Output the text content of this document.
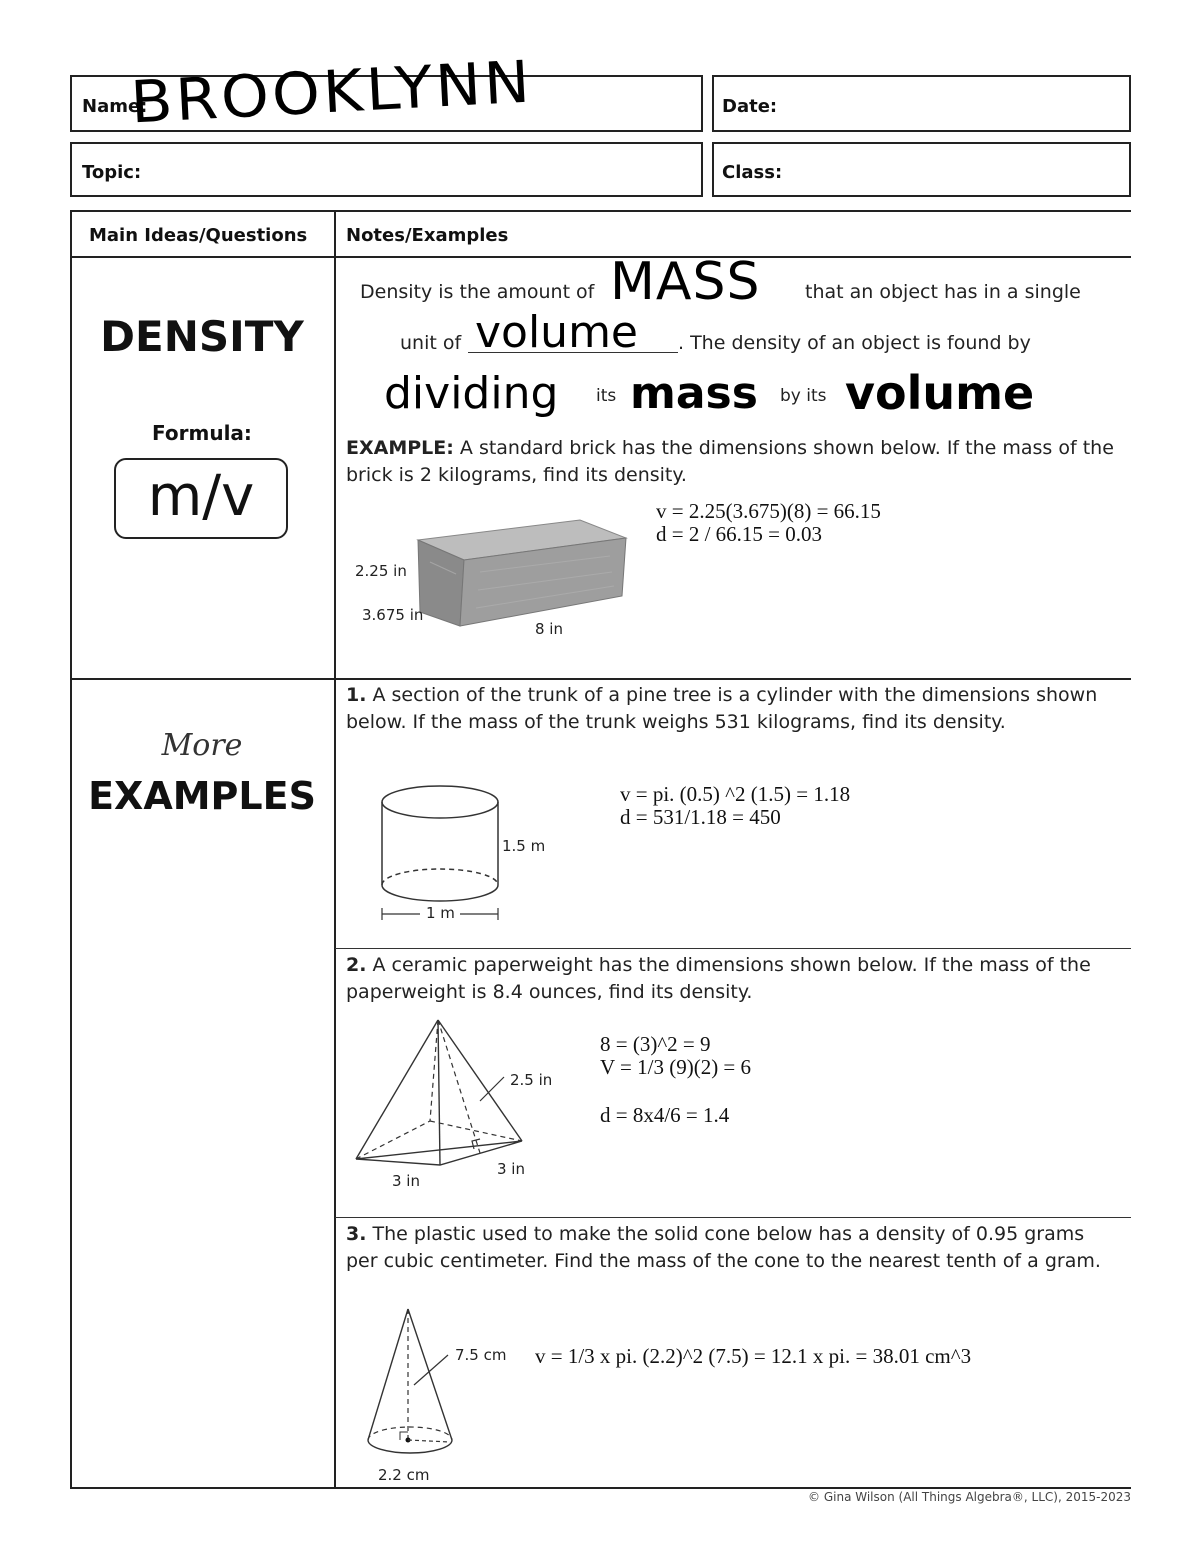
Name:
BROOKLYNN	Date:
Topic:	Class:
Main Ideas/Questions Notes/Examples
DENSITY
Formula:
m/v
Density is the amount of MASS that an object has in a single
unit of volume . The density of an object is found by
dividing its mass by its volume
EXAMPLE: A standard brick has the dimensions shown below. If the mass of the brick is 2 kilograms, find its density.
2.25 in
3.675 in
8 in
v = 2.25(3.675)(8) = 66.15
d = 2 / 66.15 = 0.03
More
EXAMPLES
1. A section of the trunk of a pine tree is a cylinder with the dimensions shown below. If the mass of the trunk weighs 531 kilograms, find its density.
1.5 m
1 m
v = pi. (0.5) ^2 (1.5) = 1.18
d = 531/1.18 = 450
2. A ceramic paperweight has the dimensions shown below. If the mass of the paperweight is 8.4 ounces, find its density.
2.5 in
3 in
3 in
8 = (3)^2 = 9
V = 1/3 (9)(2) = 6
d = 8x4/6 = 1.4
3. The plastic used to make the solid cone below has a density of 0.95 grams per cubic centimeter. Find the mass of the cone to the nearest tenth of a gram.
7.5 cm
2.2 cm
v = 1/3 x pi. (2.2)^2 (7.5) = 12.1 x pi. = 38.01 cm^3
© Gina Wilson (All Things Algebra®, LLC), 2015-2023
